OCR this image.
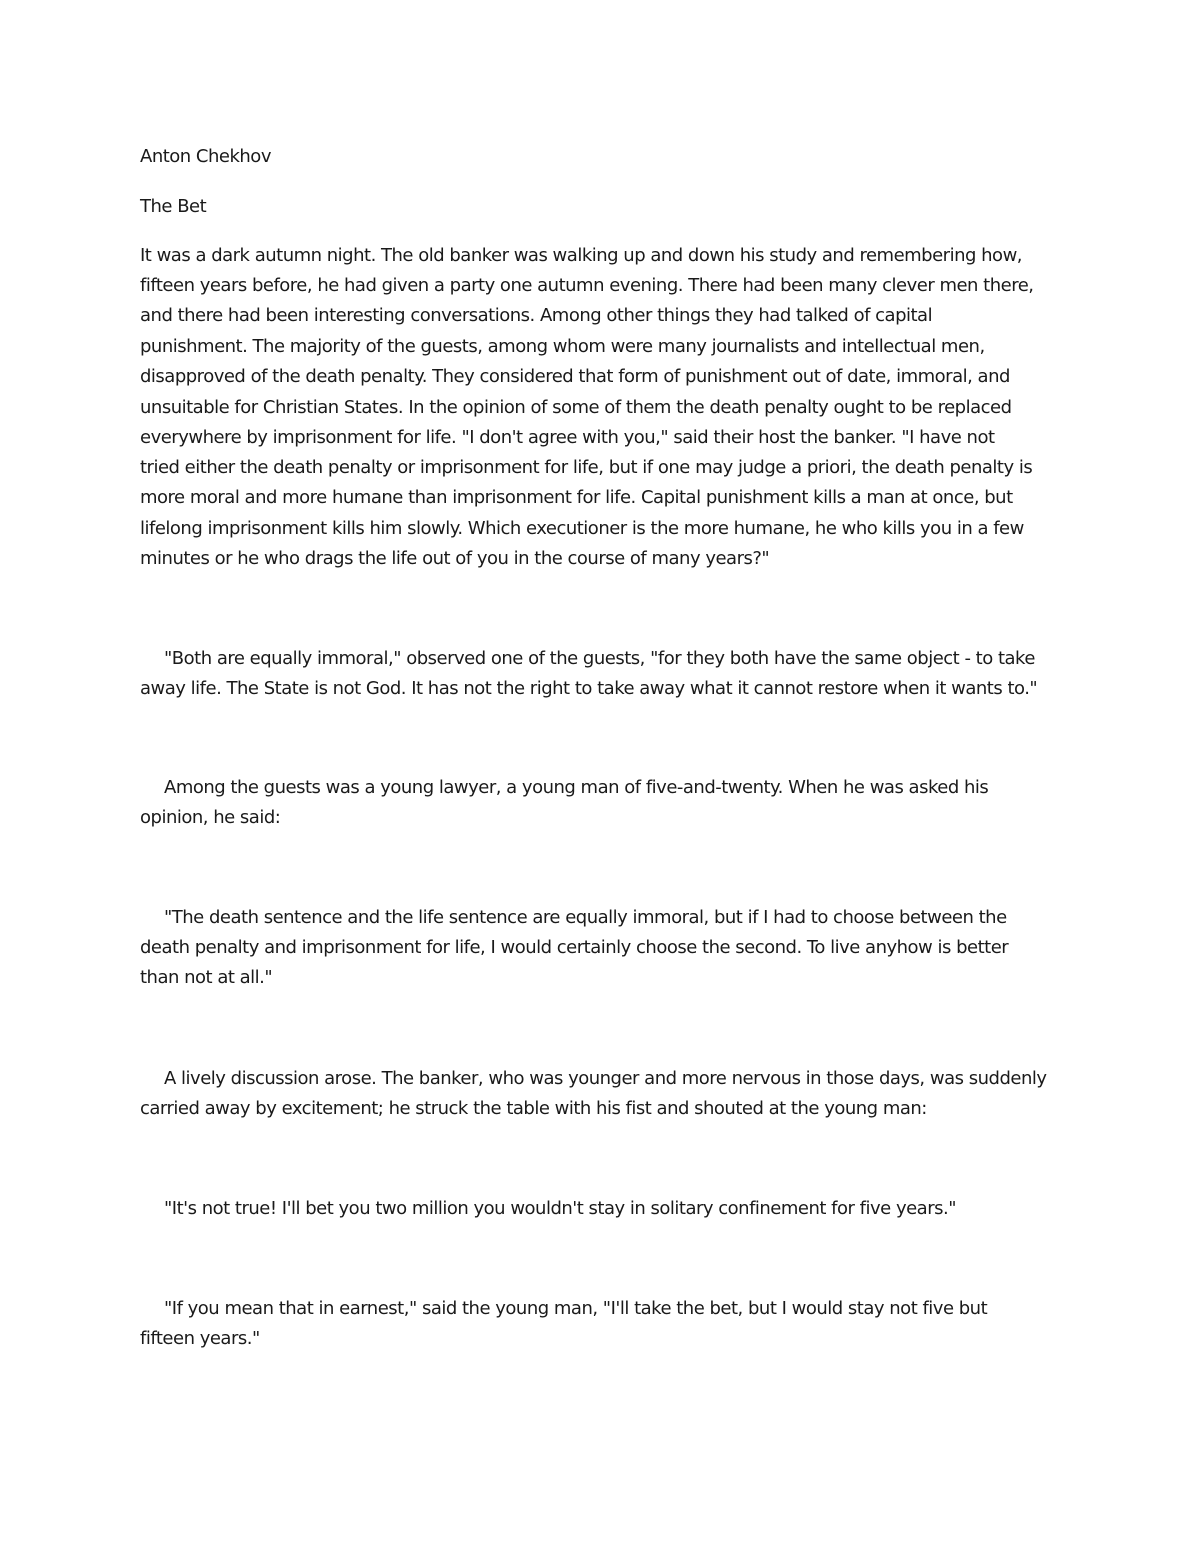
Anton Chekhov
The Bet
It was a dark autumn night. The old banker was walking up and down his study and remembering how,
fifteen years before, he had given a party one autumn evening. There had been many clever men there,
and there had been interesting conversations. Among other things they had talked of capital
punishment. The majority of the guests, among whom were many journalists and intellectual men,
disapproved of the death penalty. They considered that form of punishment out of date, immoral, and
unsuitable for Christian States. In the opinion of some of them the death penalty ought to be replaced
everywhere by imprisonment for life. "I don't agree with you," said their host the banker. "I have not
tried either the death penalty or imprisonment for life, but if one may judge a priori, the death penalty is
more moral and more humane than imprisonment for life. Capital punishment kills a man at once, but
lifelong imprisonment kills him slowly. Which executioner is the more humane, he who kills you in a few
minutes or he who drags the life out of you in the course of many years?"
"Both are equally immoral," observed one of the guests, "for they both have the same object - to take
away life. The State is not God. It has not the right to take away what it cannot restore when it wants to."
Among the guests was a young lawyer, a young man of five-and-twenty. When he was asked his
opinion, he said:
"The death sentence and the life sentence are equally immoral, but if I had to choose between the
death penalty and imprisonment for life, I would certainly choose the second. To live anyhow is better
than not at all."
A lively discussion arose. The banker, who was younger and more nervous in those days, was suddenly
carried away by excitement; he struck the table with his fist and shouted at the young man:
"It's not true! I'll bet you two million you wouldn't stay in solitary confinement for five years."
"If you mean that in earnest," said the young man, "I'll take the bet, but I would stay not five but
fifteen years."
